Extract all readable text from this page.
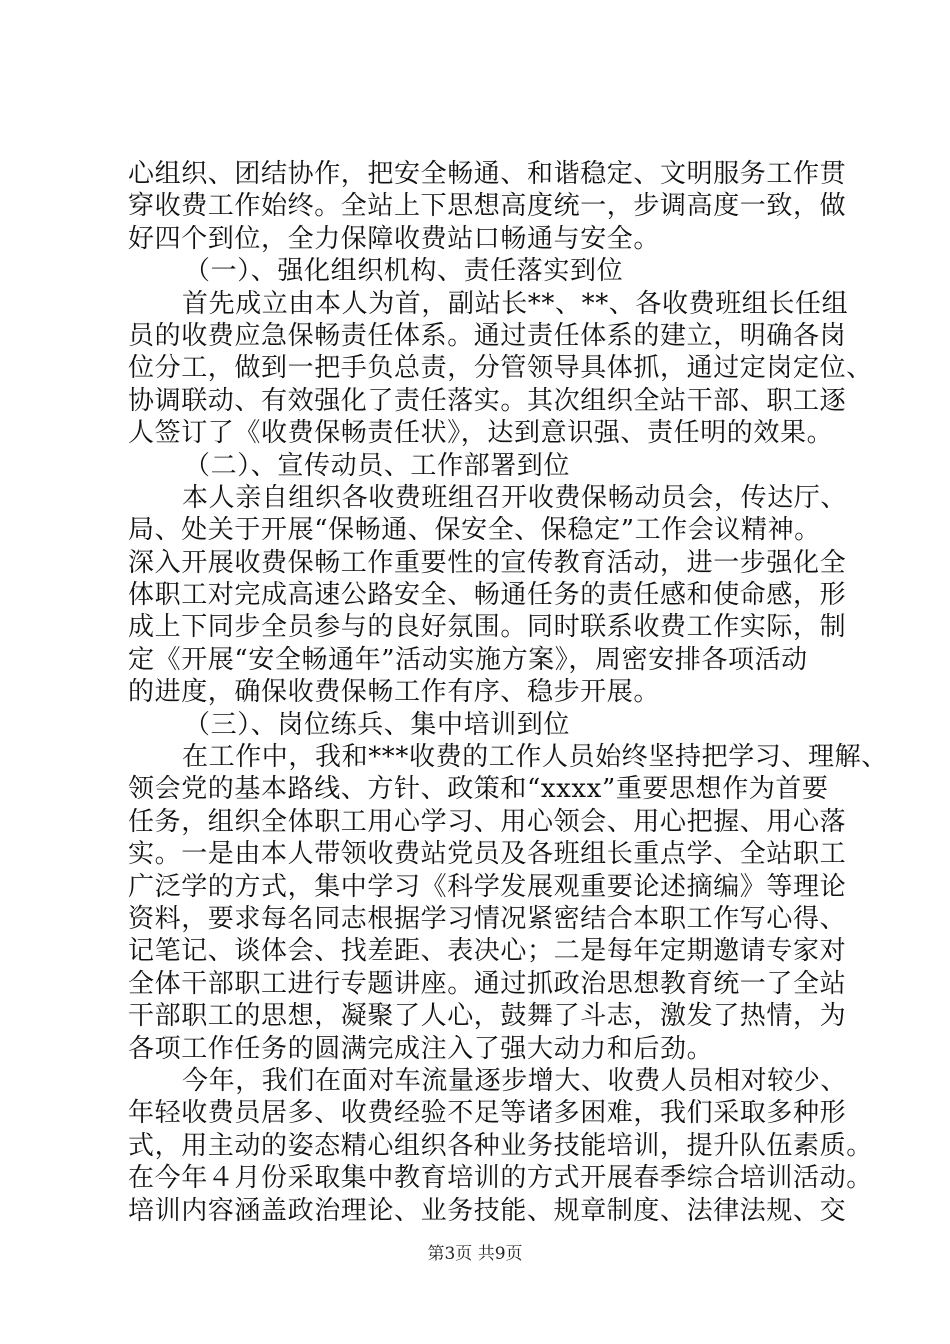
心组织、团结协作，把安全畅通、和谐稳定、文明服务工作贯
穿收费工作始终。全站上下思想高度统一，步调高度一致，做
好四个到位，全力保障收费站口畅通与安全。
（一）、强化组织机构、责任落实到位
首先成立由本人为首，副站长**、**、各收费班组长任组
员的收费应急保畅责任体系。通过责任体系的建立，明确各岗
位分工，做到一把手负总责，分管领导具体抓，通过定岗定位、
协调联动、有效强化了责任落实。其次组织全站干部、职工逐
人签订了《收费保畅责任状》，达到意识强、责任明的效果。
（二）、宣传动员、工作部署到位
本人亲自组织各收费班组召开收费保畅动员会，传达厅、
局、处关于开展“保畅通、保安全、保稳定”工作会议精神。
深入开展收费保畅工作重要性的宣传教育活动，进一步强化全
体职工对完成高速公路安全、畅通任务的责任感和使命感，形
成上下同步全员参与的良好氛围。同时联系收费工作实际，制
定《开展“安全畅通年”活动实施方案》，周密安排各项活动
的进度，确保收费保畅工作有序、稳步开展。
（三）、岗位练兵、集中培训到位
在工作中，我和***收费的工作人员始终坚持把学习、理解、
领会党的基本路线、方针、政策和“xxxx”重要思想作为首要
任务，组织全体职工用心学习、用心领会、用心把握、用心落
实。一是由本人带领收费站党员及各班组长重点学、全站职工
广泛学的方式，集中学习《科学发展观重要论述摘编》等理论
资料，要求每名同志根据学习情况紧密结合本职工作写心得、
记笔记、谈体会、找差距、表决心；二是每年定期邀请专家对
全体干部职工进行专题讲座。通过抓政治思想教育统一了全站
干部职工的思想，凝聚了人心，鼓舞了斗志，激发了热情，为
各项工作任务的圆满完成注入了强大动力和后劲。
今年，我们在面对车流量逐步增大、收费人员相对较少、
年轻收费员居多、收费经验不足等诸多困难，我们采取多种形
式，用主动的姿态精心组织各种业务技能培训，提升队伍素质。
在今年４月份采取集中教育培训的方式开展春季综合培训活动。
培训内容涵盖政治理论、业务技能、规章制度、法律法规、交
第3页 共9页
